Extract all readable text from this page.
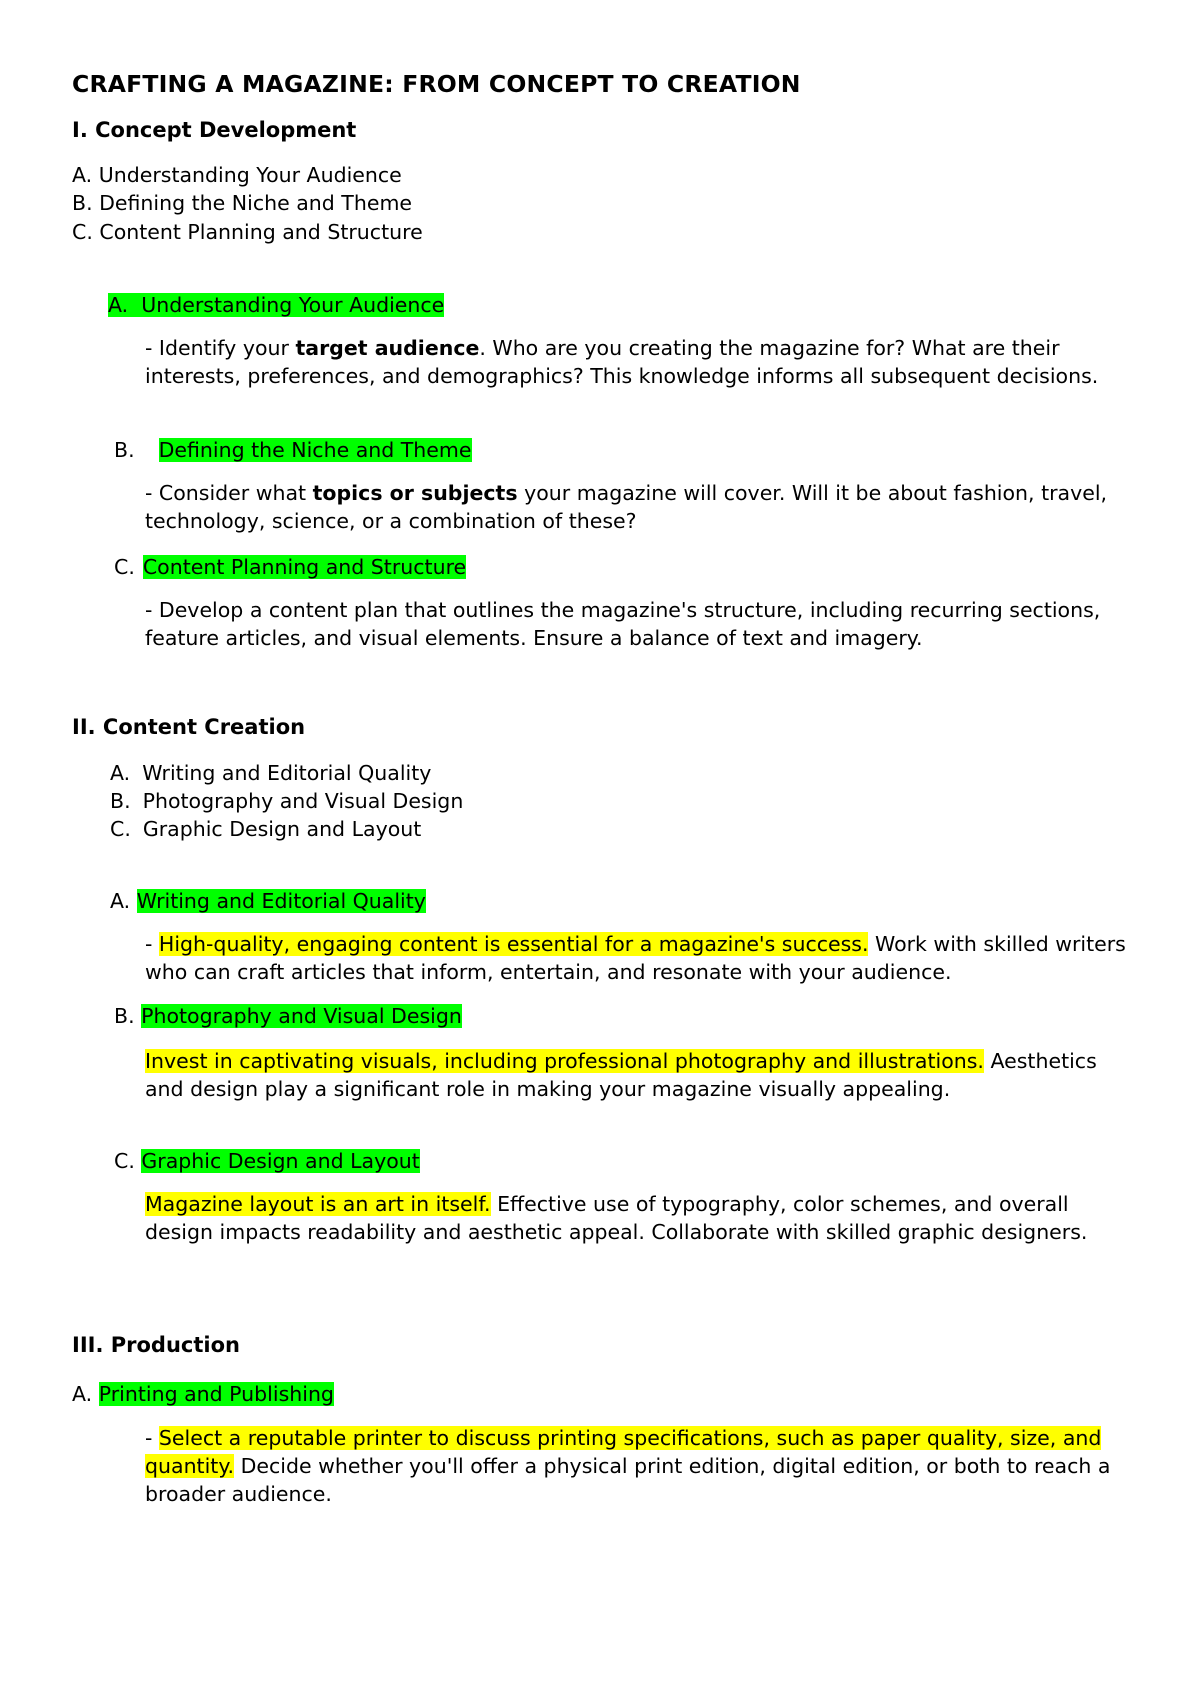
CRAFTING A MAGAZINE: FROM CONCEPT TO CREATION
I. Concept Development
A. Understanding Your Audience
B. Defining the Niche and Theme
C. Content Planning and Structure
A. Understanding Your Audience
- Identify your target audience. Who are you creating the magazine for? What are their interests, preferences, and demographics? This knowledge informs all subsequent decisions.
B. Defining the Niche and Theme
- Consider what topics or subjects your magazine will cover. Will it be about fashion, travel, technology, science, or a combination of these?
C. Content Planning and Structure
- Develop a content plan that outlines the magazine's structure, including recurring sections, feature articles, and visual elements. Ensure a balance of text and imagery.
II. Content Creation
A. Writing and Editorial Quality
B. Photography and Visual Design
C. Graphic Design and Layout
A. Writing and Editorial Quality
- High-quality, engaging content is essential for a magazine's success. Work with skilled writers who can craft articles that inform, entertain, and resonate with your audience.
B. Photography and Visual Design
Invest in captivating visuals, including professional photography and illustrations. Aesthetics and design play a significant role in making your magazine visually appealing.
C. Graphic Design and Layout
Magazine layout is an art in itself. Effective use of typography, color schemes, and overall design impacts readability and aesthetic appeal. Collaborate with skilled graphic designers.
III. Production
A. Printing and Publishing
- Select a reputable printer to discuss printing specifications, such as paper quality, size, and quantity. Decide whether you'll offer a physical print edition, digital edition, or both to reach a broader audience.
